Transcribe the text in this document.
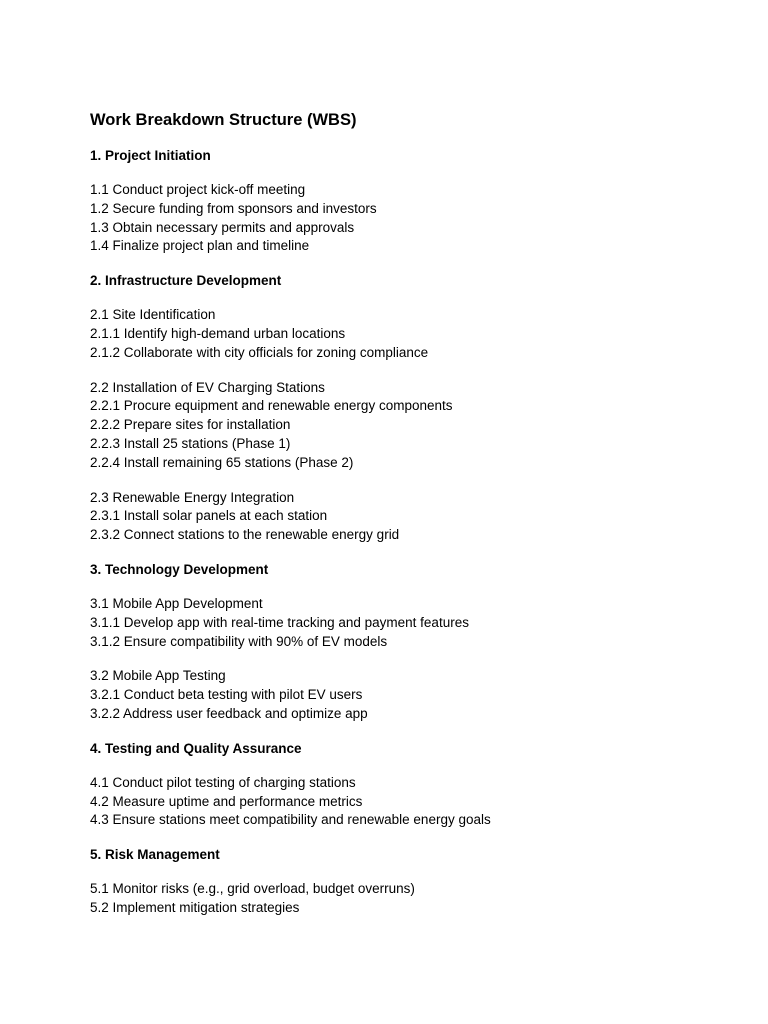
Work Breakdown Structure (WBS)
1. Project Initiation
1.1 Conduct project kick-off meeting
1.2 Secure funding from sponsors and investors
1.3 Obtain necessary permits and approvals
1.4 Finalize project plan and timeline
2. Infrastructure Development
2.1 Site Identification
2.1.1 Identify high-demand urban locations
2.1.2 Collaborate with city officials for zoning compliance
2.2 Installation of EV Charging Stations
2.2.1 Procure equipment and renewable energy components
2.2.2 Prepare sites for installation
2.2.3 Install 25 stations (Phase 1)
2.2.4 Install remaining 65 stations (Phase 2)
2.3 Renewable Energy Integration
2.3.1 Install solar panels at each station
2.3.2 Connect stations to the renewable energy grid
3. Technology Development
3.1 Mobile App Development
3.1.1 Develop app with real-time tracking and payment features
3.1.2 Ensure compatibility with 90% of EV models
3.2 Mobile App Testing
3.2.1 Conduct beta testing with pilot EV users
3.2.2 Address user feedback and optimize app
4. Testing and Quality Assurance
4.1 Conduct pilot testing of charging stations
4.2 Measure uptime and performance metrics
4.3 Ensure stations meet compatibility and renewable energy goals
5. Risk Management
5.1 Monitor risks (e.g., grid overload, budget overruns)
5.2 Implement mitigation strategies
